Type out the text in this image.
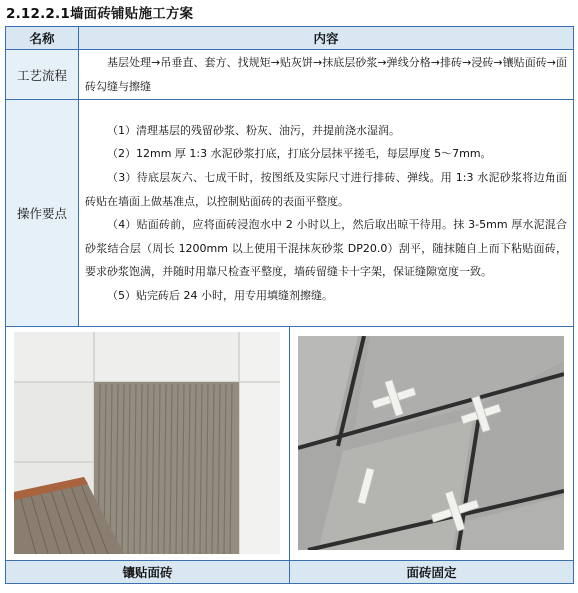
2.12.2.1墙面砖铺贴施工方案
名称	内容	
工艺流程	基层处理→吊垂直、套方、找规矩→贴灰饼→抹底层砂浆→弹线分格→排砖→浸砖→镶贴面砖→面砖勾缝与擦缝	

操作要点	（1）清理基层的残留砂浆、粉灰、油污，并提前浇水湿润。

（2）12mm 厚 1:3 水泥砂浆打底，打底分层抹平搓毛，每层厚度 5～7mm。

（3）待底层灰六、七成干时，按图纸及实际尺寸进行排砖、弹线。用 1:3 水泥砂浆将边角面砖贴在墙面上做基准点，以控制贴面砖的表面平整度。

（4）贴面砖前，应将面砖浸泡水中 2 小时以上，然后取出晾干待用。抹 3-5mm 厚水泥混合砂浆结合层（周长 1200mm 以上使用干混抹灰砂浆 DP20.0）刮平，随抹随自上而下粘贴面砖，要求砂浆饱满，并随时用靠尺检查平整度，墙砖留缝卡十字架，保证缝隙宽度一致。

（5）贴完砖后 24 小时，用专用填缝剂擦缝。	

镶贴面砖		面砖固定
